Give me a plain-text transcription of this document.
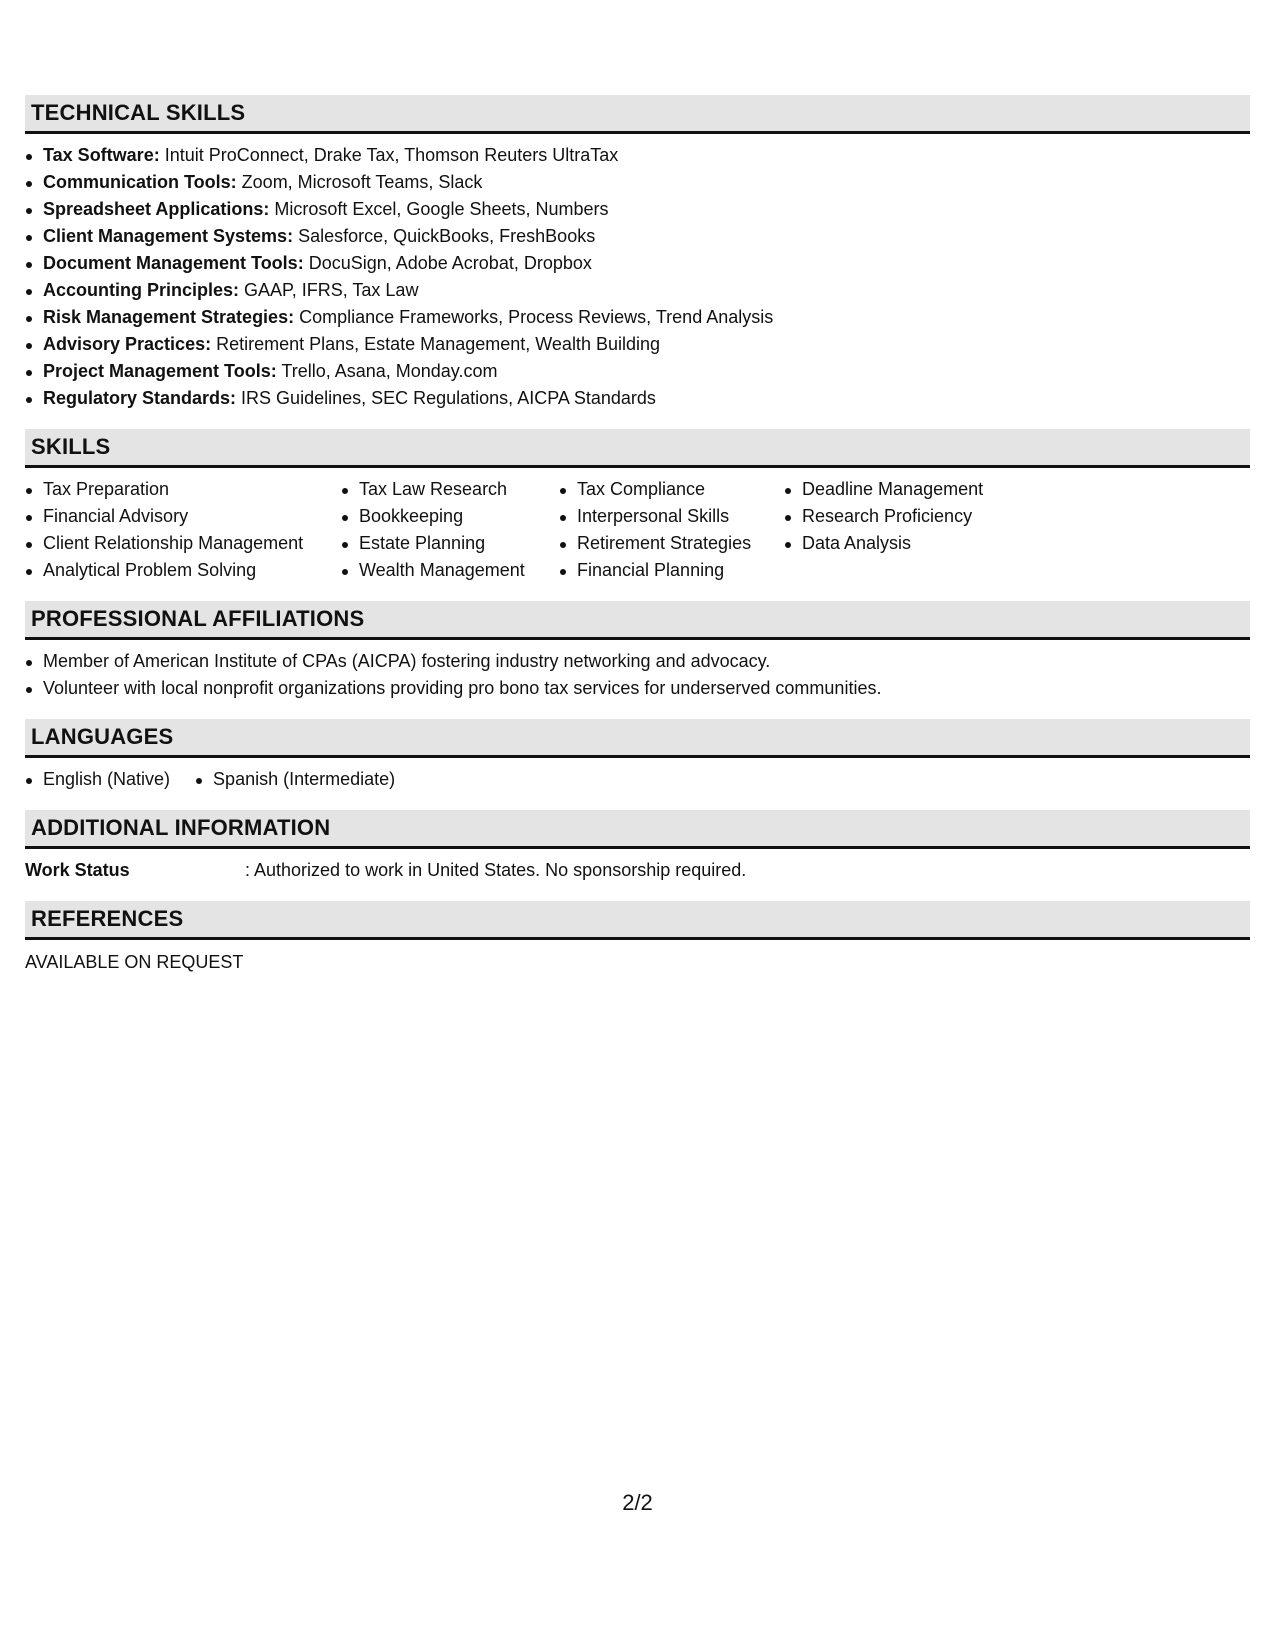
TECHNICAL SKILLS
Tax Software: Intuit ProConnect, Drake Tax, Thomson Reuters UltraTax
Communication Tools: Zoom, Microsoft Teams, Slack
Spreadsheet Applications: Microsoft Excel, Google Sheets, Numbers
Client Management Systems: Salesforce, QuickBooks, FreshBooks
Document Management Tools: DocuSign, Adobe Acrobat, Dropbox
Accounting Principles: GAAP, IFRS, Tax Law
Risk Management Strategies: Compliance Frameworks, Process Reviews, Trend Analysis
Advisory Practices: Retirement Plans, Estate Management, Wealth Building
Project Management Tools: Trello, Asana, Monday.com
Regulatory Standards: IRS Guidelines, SEC Regulations, AICPA Standards
SKILLS
Tax Preparation
Financial Advisory
Client Relationship Management
Analytical Problem Solving
Tax Law Research
Bookkeeping
Estate Planning
Wealth Management
Tax Compliance
Interpersonal Skills
Retirement Strategies
Financial Planning
Deadline Management
Research Proficiency
Data Analysis
PROFESSIONAL AFFILIATIONS
Member of American Institute of CPAs (AICPA) fostering industry networking and advocacy.
Volunteer with local nonprofit organizations providing pro bono tax services for underserved communities.
LANGUAGES
English (Native)	Spanish (Intermediate)
ADDITIONAL INFORMATION
Work Status	: Authorized to work in United States. No sponsorship required.
REFERENCES
AVAILABLE ON REQUEST
2/2
